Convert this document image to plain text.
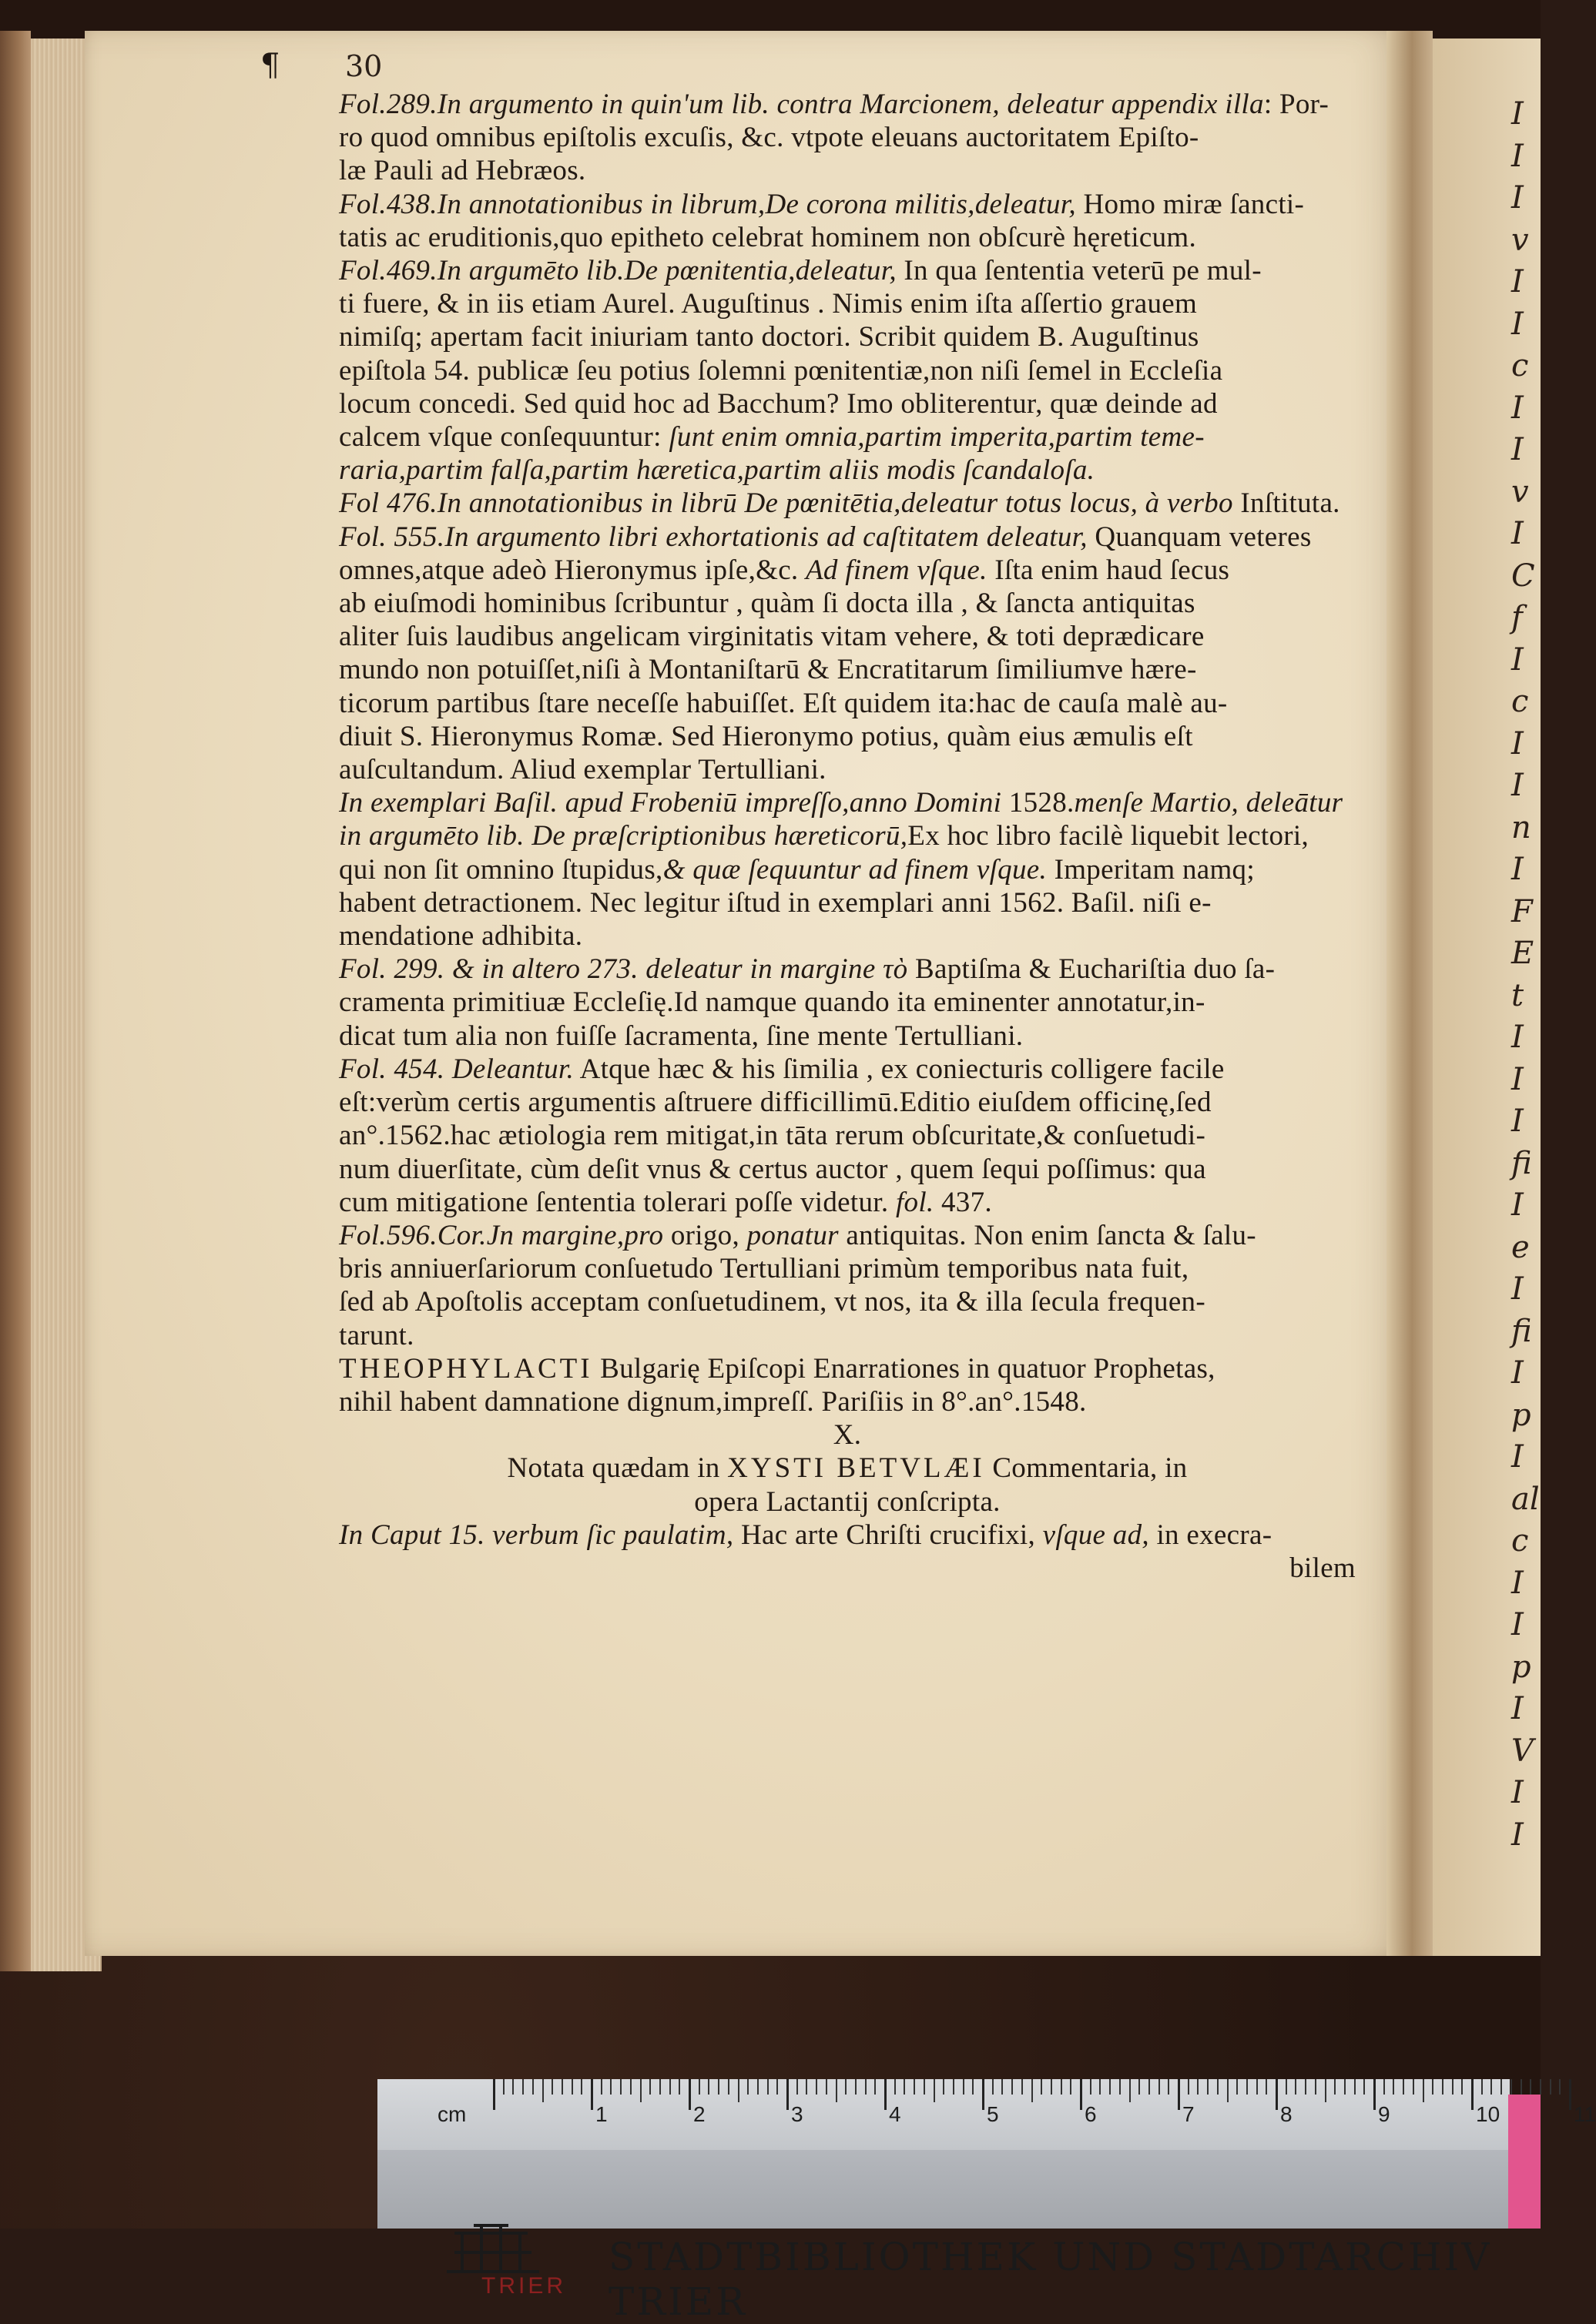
I
I
I
v
I
I
c
I
I
v
I
C
f
I
c
I
I
n
I
F
E
t
I
I
I
fi
I
e
I
fi
I
p
I
al
c
I
I
p
I
V
I
I
¶ 30
Fol.289.In argumento in quin'um lib. contra Marcionem, deleatur appendix illa: Por-
ro quod omnibus epiſtolis excuſis, &c. vtpote eleuans auctoritatem Epiſto-
læ Pauli ad Hebræos.
Fol.438.In annotationibus in librum,De corona militis,deleatur, Homo miræ ſancti-
tatis ac eruditionis,quo epitheto celebrat hominem non obſcurè hęreticum.
Fol.469.In argumēto lib.De pœnitentia,deleatur, In qua ſententia veterū pe mul-
ti fuere, & in iis etiam Aurel. Auguſtinus . Nimis enim iſta aſſertio grauem
nimiſq; apertam facit iniuriam tanto doctori. Scribit quidem B. Auguſtinus
epiſtola 54. publicæ ſeu potius ſolemni pœnitentiæ,non niſi ſemel in Eccleſia
locum concedi. Sed quid hoc ad Bacchum? Imo obliterentur, quæ deinde ad
calcem vſque conſequuntur: ſunt enim omnia,partim imperita,partim teme-
raria,partim falſa,partim hæretica,partim aliis modis ſcandaloſa.
Fol 476.In annotationibus in librū De pœnitētia,deleatur totus locus, à verbo Inſtituta.
Fol. 555.In argumento libri exhortationis ad caſtitatem deleatur, Quanquam veteres
omnes,atque adeò Hieronymus ipſe,&c. Ad finem vſque. Iſta enim haud ſecus
ab eiuſmodi hominibus ſcribuntur , quàm ſi docta illa , & ſancta antiquitas
aliter ſuis laudibus angelicam virginitatis vitam vehere, & toti deprædicare
mundo non potuiſſet,niſi à Montaniſtarū & Encratitarum ſimiliumve hære-
ticorum partibus ſtare neceſſe habuiſſet. Eſt quidem ita:hac de cauſa malè au-
diuit S. Hieronymus Romæ. Sed Hieronymo potius, quàm eius æmulis eſt
auſcultandum. Aliud exemplar Tertulliani.
In exemplari Baſil. apud Frobeniū impreſſo,anno Domini 1528.menſe Martio, deleātur
in argumēto lib. De præſcriptionibus hæreticorū,Ex hoc libro facilè liquebit lectori,
qui non ſit omnino ſtupidus,& quæ ſequuntur ad finem vſque. Imperitam namq;
habent detractionem. Nec legitur iſtud in exemplari anni 1562. Baſil. niſi e-
mendatione adhibita.
Fol. 299. & in altero 273. deleatur in margine τὸ Baptiſma & Euchariſtia duo ſa-
cramenta primitiuæ Eccleſię.Id namque quando ita eminenter annotatur,in-
dicat tum alia non fuiſſe ſacramenta, ſine mente Tertulliani.
Fol. 454. Deleantur. Atque hæc & his ſimilia , ex coniecturis colligere facile
eſt:verùm certis argumentis aſtruere difficillimū.Editio eiuſdem officinę,ſed
an°.1562.hac ætiologia rem mitigat,in tāta rerum obſcuritate,& conſuetudi-
num diuerſitate, cùm deſit vnus & certus auctor , quem ſequi poſſimus: qua
cum mitigatione ſententia tolerari poſſe videtur. fol. 437.
Fol.596.Cor.Jn margine,pro origo, ponatur antiquitas. Non enim ſancta & ſalu-
bris anniuerſariorum conſuetudo Tertulliani primùm temporibus nata fuit,
ſed ab Apoſtolis acceptam conſuetudinem, vt nos, ita & illa ſecula frequen-
tarunt.
THEOPHYLACTI Bulgarię Epiſcopi Enarrationes in quatuor Prophetas,
nihil habent damnatione dignum,impreſſ. Pariſiis in 8°.an°.1548.
X.
Notata quædam in XYSTI BETVLÆI Commentaria, in
opera Lactantij conſcripta.
In Caput 15. verbum ſic paulatim, Hac arte Chriſti crucifixi, vſque ad, in execra-
bilem
cm	1	2	3	4	5	6	7	8	9	10	11
TRIER
STADTBIBLIOTHEK UND STADTARCHIV TRIER
